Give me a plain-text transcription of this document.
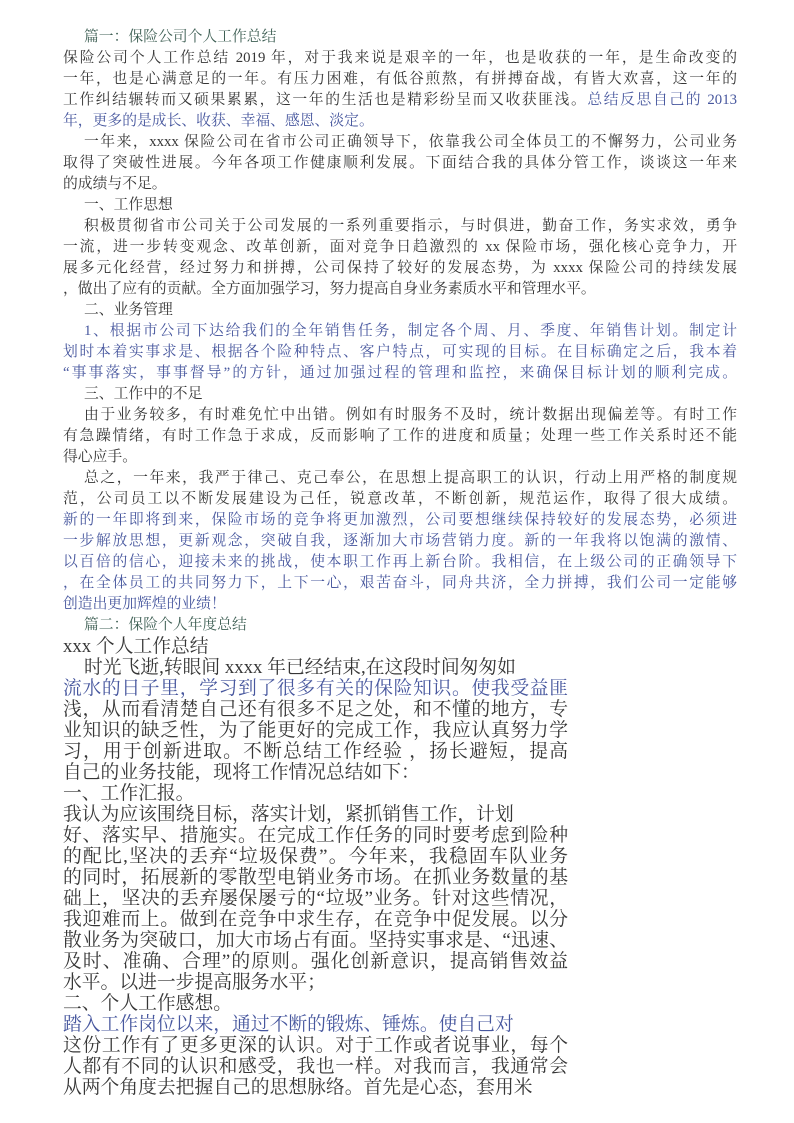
篇一：保险公司个人工作总结
保险公司个人工作总结 2019 年，对于我来说是艰辛的一年，也是收获的一年，是生命改变的
一年，也是心满意足的一年。有压力困难，有低谷煎熬，有拼搏奋战，有皆大欢喜，这一年的
工作纠结辗转而又硕果累累，这一年的生活也是精彩纷呈而又收获匪浅。总结反思自己的 2013
年，更多的是成长、收获、幸福、感恩、淡定。
一年来，xxxx 保险公司在省市公司正确领导下，依靠我公司全体员工的不懈努力，公司业务
取得了突破性进展。今年各项工作健康顺利发展。下面结合我的具体分管工作，谈谈这一年来
的成绩与不足。
一、工作思想
积极贯彻省市公司关于公司发展的一系列重要指示，与时俱进，勤奋工作，务实求效，勇争
一流，进一步转变观念、改革创新，面对竞争日趋激烈的 xx 保险市场，强化核心竞争力，开
展多元化经营，经过努力和拼搏，公司保持了较好的发展态势，为 xxxx 保险公司的持续发展
，做出了应有的贡献。全方面加强学习，努力提高自身业务素质水平和管理水平。
二、业务管理
1、根据市公司下达给我们的全年销售任务，制定各个周、月、季度、年销售计划。制定计
划时本着实事求是、根据各个险种特点、客户特点，可实现的目标。在目标确定之后，我本着
“事事落实，事事督导”的方针，通过加强过程的管理和监控，来确保目标计划的顺利完成。
三、工作中的不足
由于业务较多，有时难免忙中出错。例如有时服务不及时，统计数据出现偏差等。有时工作
有急躁情绪，有时工作急于求成，反而影响了工作的进度和质量；处理一些工作关系时还不能
得心应手。
总之，一年来，我严于律己、克己奉公，在思想上提高职工的认识，行动上用严格的制度规
范，公司员工以不断发展建设为己任，锐意改革，不断创新，规范运作，取得了很大成绩。
新的一年即将到来，保险市场的竞争将更加激烈，公司要想继续保持较好的发展态势，必须进
一步解放思想，更新观念，突破自我，逐渐加大市场营销力度。新的一年我将以饱满的激情、
以百倍的信心，迎接未来的挑战，使本职工作再上新台阶。我相信，在上级公司的正确领导下
，在全体员工的共同努力下，上下一心，艰苦奋斗，同舟共济，全力拼搏，我们公司一定能够
创造出更加辉煌的业绩！
篇二：保险个人年度总结
xxx 个人工作总结
时光飞逝,转眼间 xxxx 年已经结束,在这段时间匆匆如
流水的日子里，学习到了很多有关的保险知识。使我受益匪
浅，从而看清楚自己还有很多不足之处，和不懂的地方，专
业知识的缺乏性，为了能更好的完成工作，我应认真努力学
习，用于创新进取。不断总结工作经验 ，扬长避短，提高
自己的业务技能，现将工作情况总结如下：
一、工作汇报。
我认为应该围绕目标，落实计划，紧抓销售工作，计划
好、落实早、措施实。在完成工作任务的同时要考虑到险种
的配比,坚决的丢弃“垃圾保费”。今年来，我稳固车队业务
的同时，拓展新的零散型电销业务市场。在抓业务数量的基
础上，坚决的丢弃屡保屡亏的“垃圾”业务。针对这些情况，
我迎难而上。做到在竞争中求生存，在竞争中促发展。以分
散业务为突破口，加大市场占有面。坚持实事求是、“迅速、
及时、准确、合理”的原则。强化创新意识，提高销售效益
水平。以进一步提高服务水平；
二、个人工作感想。
踏入工作岗位以来，通过不断的锻炼、锤炼。使自己对
这份工作有了更多更深的认识。对于工作或者说事业，每个
人都有不同的认识和感受，我也一样。对我而言，我通常会
从两个角度去把握自己的思想脉络。首先是心态，套用米
